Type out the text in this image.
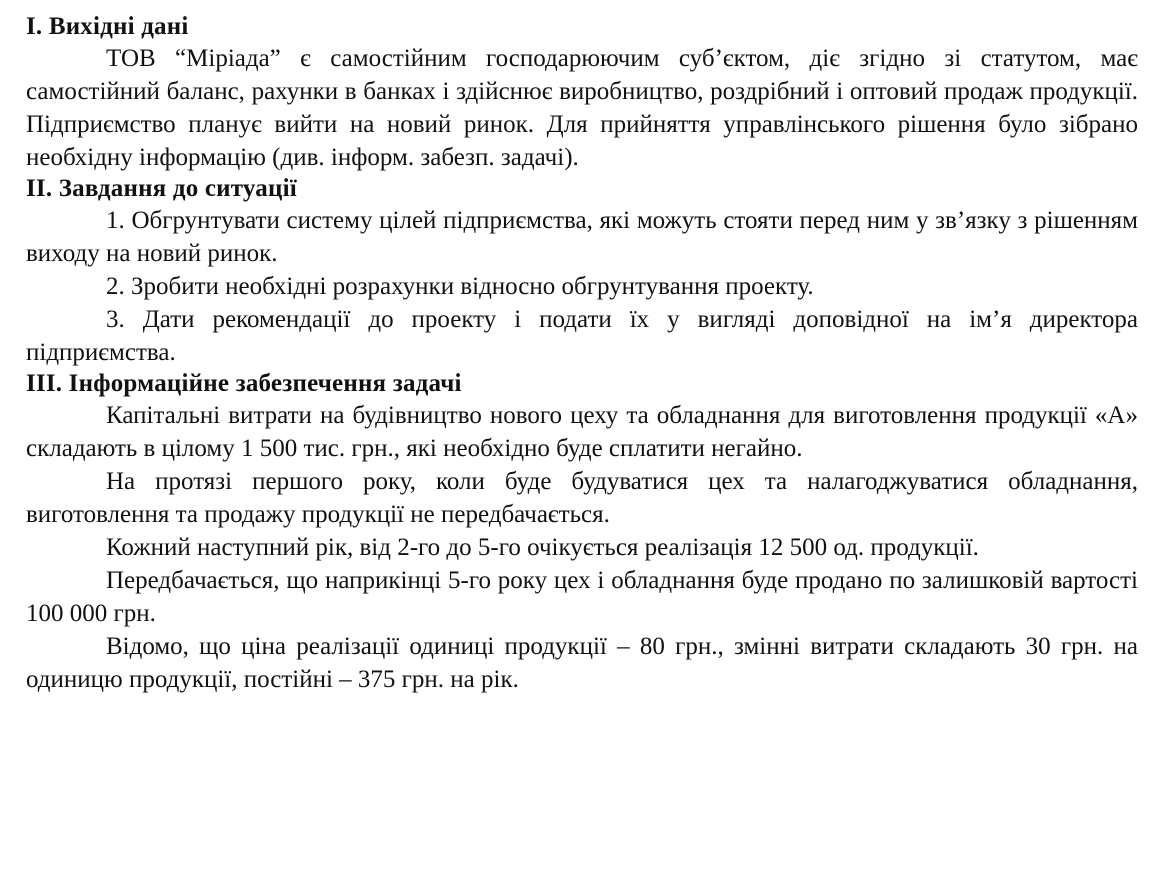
I. Вихідні дані

ТОВ “Міріада” є самостійним господарюючим суб’єктом, діє згідно зі статутом, має самостійний баланс, рахунки в банках і здійснює виробництво, роздрібний і оптовий продаж продукції. Підприємство планує вийти на новий ринок. Для прийняття управлінського рішення було зібрано необхідну інформацію (див. інформ. забезп. задачі).

II. Завдання до ситуації

1. Обгрунтувати систему цілей підприємства, які можуть стояти перед ним у зв’язку з рішенням виходу на новий ринок.

2. Зробити необхідні розрахунки відносно обгрунтування проекту.

3. Дати рекомендації до проекту і подати їх у вигляді доповідної на ім’я директора підприємства.

III. Інформаційне забезпечення задачі

Капітальні витрати на будівництво нового цеху та обладнання для виготовлення продукції «А» складають в цілому 1 500 тис. грн., які необхідно буде сплатити негайно.

На протязі першого року, коли буде будуватися цех та налагоджуватися обладнання, виготовлення та продажу продукції не передбачається.

Кожний наступний рік, від 2-го до 5-го очікується реалізація 12 500 од. продукції.

Передбачається, що наприкінці 5-го року цех і обладнання буде продано по залишковій вартості 100 000 грн.

Відомо, що ціна реалізації одиниці продукції – 80 грн., змінні витрати складають 30 грн. на одиницю продукції, постійні – 375 грн. на рік.
